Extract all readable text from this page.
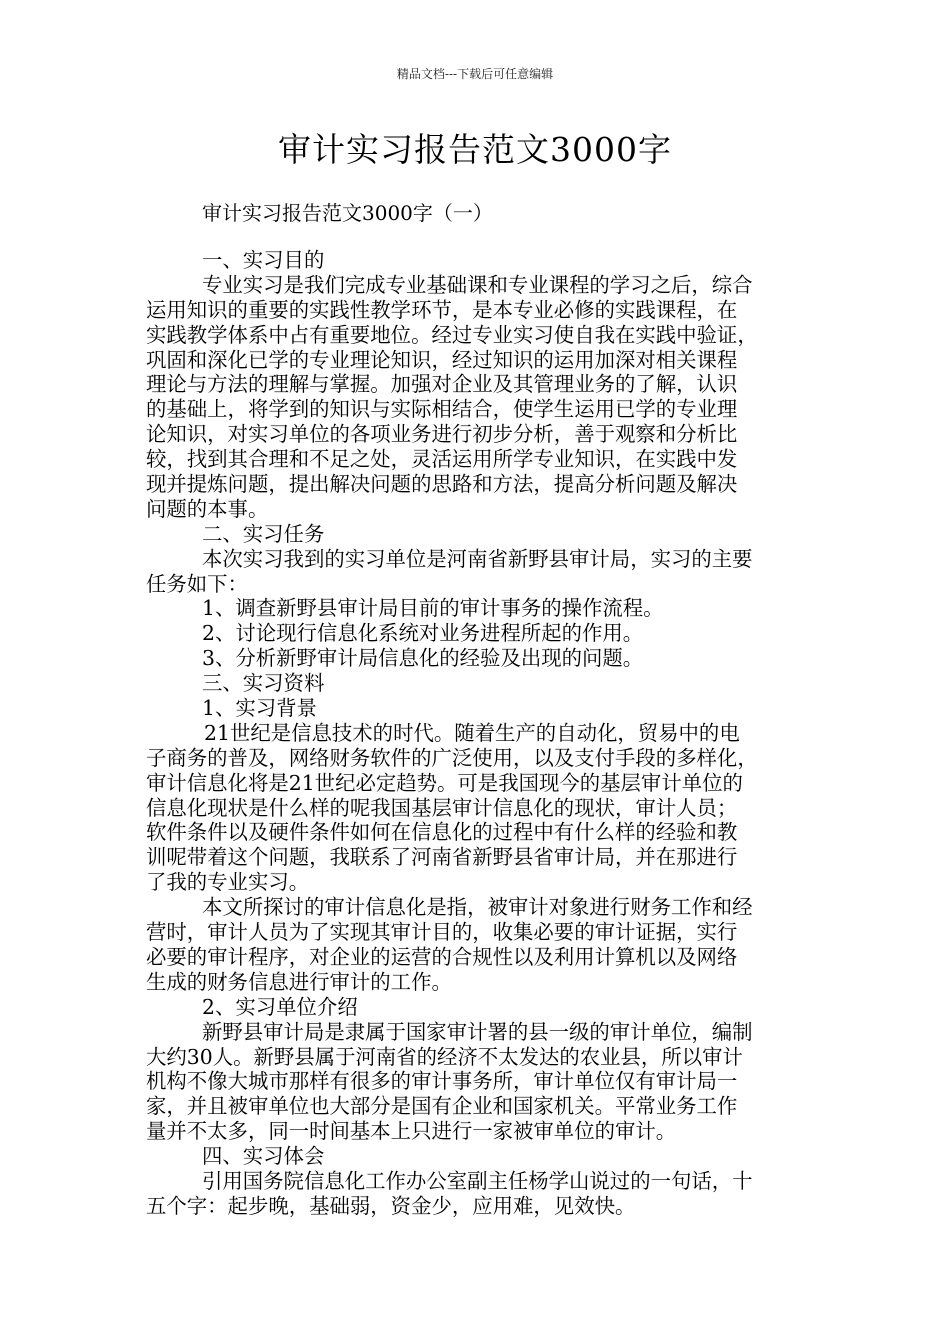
精品文档---下载后可任意编辑
审计实习报告范文3000字
审计实习报告范文3000字（一）
一、实习目的
专业实习是我们完成专业基础课和专业课程的学习之后，综合
运用知识的重要的实践性教学环节，是本专业必修的实践课程，在
实践教学体系中占有重要地位。经过专业实习使自我在实践中验证，
巩固和深化已学的专业理论知识，经过知识的运用加深对相关课程
理论与方法的理解与掌握。加强对企业及其管理业务的了解，认识
的基础上，将学到的知识与实际相结合，使学生运用已学的专业理
论知识，对实习单位的各项业务进行初步分析，善于观察和分析比
较，找到其合理和不足之处，灵活运用所学专业知识，在实践中发
现并提炼问题，提出解决问题的思路和方法，提高分析问题及解决
问题的本事。
二、实习任务
本次实习我到的实习单位是河南省新野县审计局，实习的主要
任务如下：
1、调查新野县审计局目前的审计事务的操作流程。
2、讨论现行信息化系统对业务进程所起的作用。
3、分析新野审计局信息化的经验及出现的问题。
三、实习资料
1、实习背景
21世纪是信息技术的时代。随着生产的自动化，贸易中的电
子商务的普及，网络财务软件的广泛使用，以及支付手段的多样化，
审计信息化将是21世纪必定趋势。可是我国现今的基层审计单位的
信息化现状是什么样的呢我国基层审计信息化的现状，审计人员；
软件条件以及硬件条件如何在信息化的过程中有什么样的经验和教
训呢带着这个问题，我联系了河南省新野县省审计局，并在那进行
了我的专业实习。
本文所探讨的审计信息化是指，被审计对象进行财务工作和经
营时，审计人员为了实现其审计目的，收集必要的审计证据，实行
必要的审计程序，对企业的运营的合规性以及利用计算机以及网络
生成的财务信息进行审计的工作。
2、实习单位介绍
新野县审计局是隶属于国家审计署的县一级的审计单位，编制
大约30人。新野县属于河南省的经济不太发达的农业县，所以审计
机构不像大城市那样有很多的审计事务所，审计单位仅有审计局一
家，并且被审单位也大部分是国有企业和国家机关。平常业务工作
量并不太多，同一时间基本上只进行一家被审单位的审计。
四、实习体会
引用国务院信息化工作办公室副主任杨学山说过的一句话，十
五个字：起步晚，基础弱，资金少，应用难，见效快。
